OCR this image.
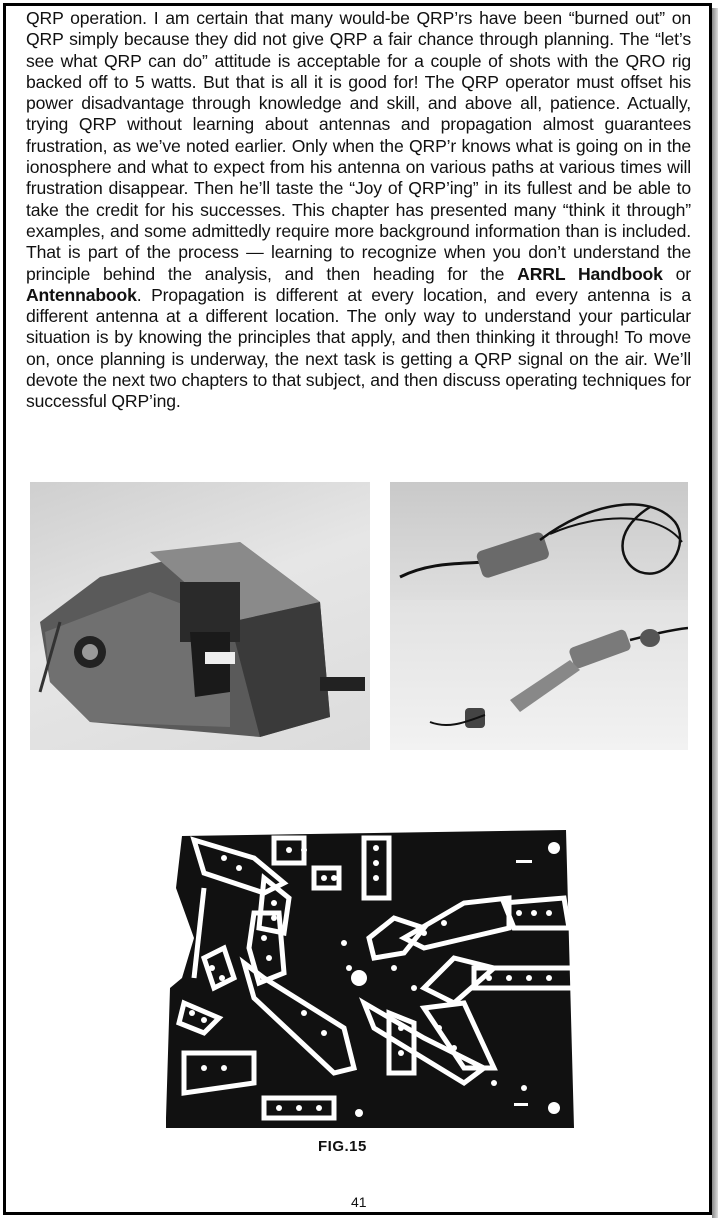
QRP operation. I am certain that many would-be QRP’rs have been “burned out” on QRP simply because they did not give QRP a fair chance through planning. The “let’s see what QRP can do” attitude is acceptable for a couple of shots with the QRO rig backed off to 5 watts. But that is all it is good for! The QRP operator must offset his power disadvantage through knowledge and skill, and above all, patience. Actually, trying QRP without learning about antennas and propagation almost guarantees frustration, as we’ve noted earlier. Only when the QRP’r knows what is going on in the ionosphere and what to expect from his antenna on various paths at various times will frustration disappear. Then he’ll taste the “Joy of QRP’ing” in its fullest and be able to take the credit for his successes. This chapter has presented many “think it through” examples, and some admittedly require more background information than is included. That is part of the process — learning to recognize when you don’t understand the principle behind the analysis, and then heading for the ARRL Handbook or Antennabook. Propagation is different at every location, and every antenna is a different antenna at a different location. The only way to understand your particular situation is by knowing the principles that apply, and then thinking it through! To move on, once planning is underway, the next task is getting a QRP signal on the air. We’ll devote the next two chapters to that subject, and then discuss operating techniques for successful QRP’ing.
FIG.15
41
